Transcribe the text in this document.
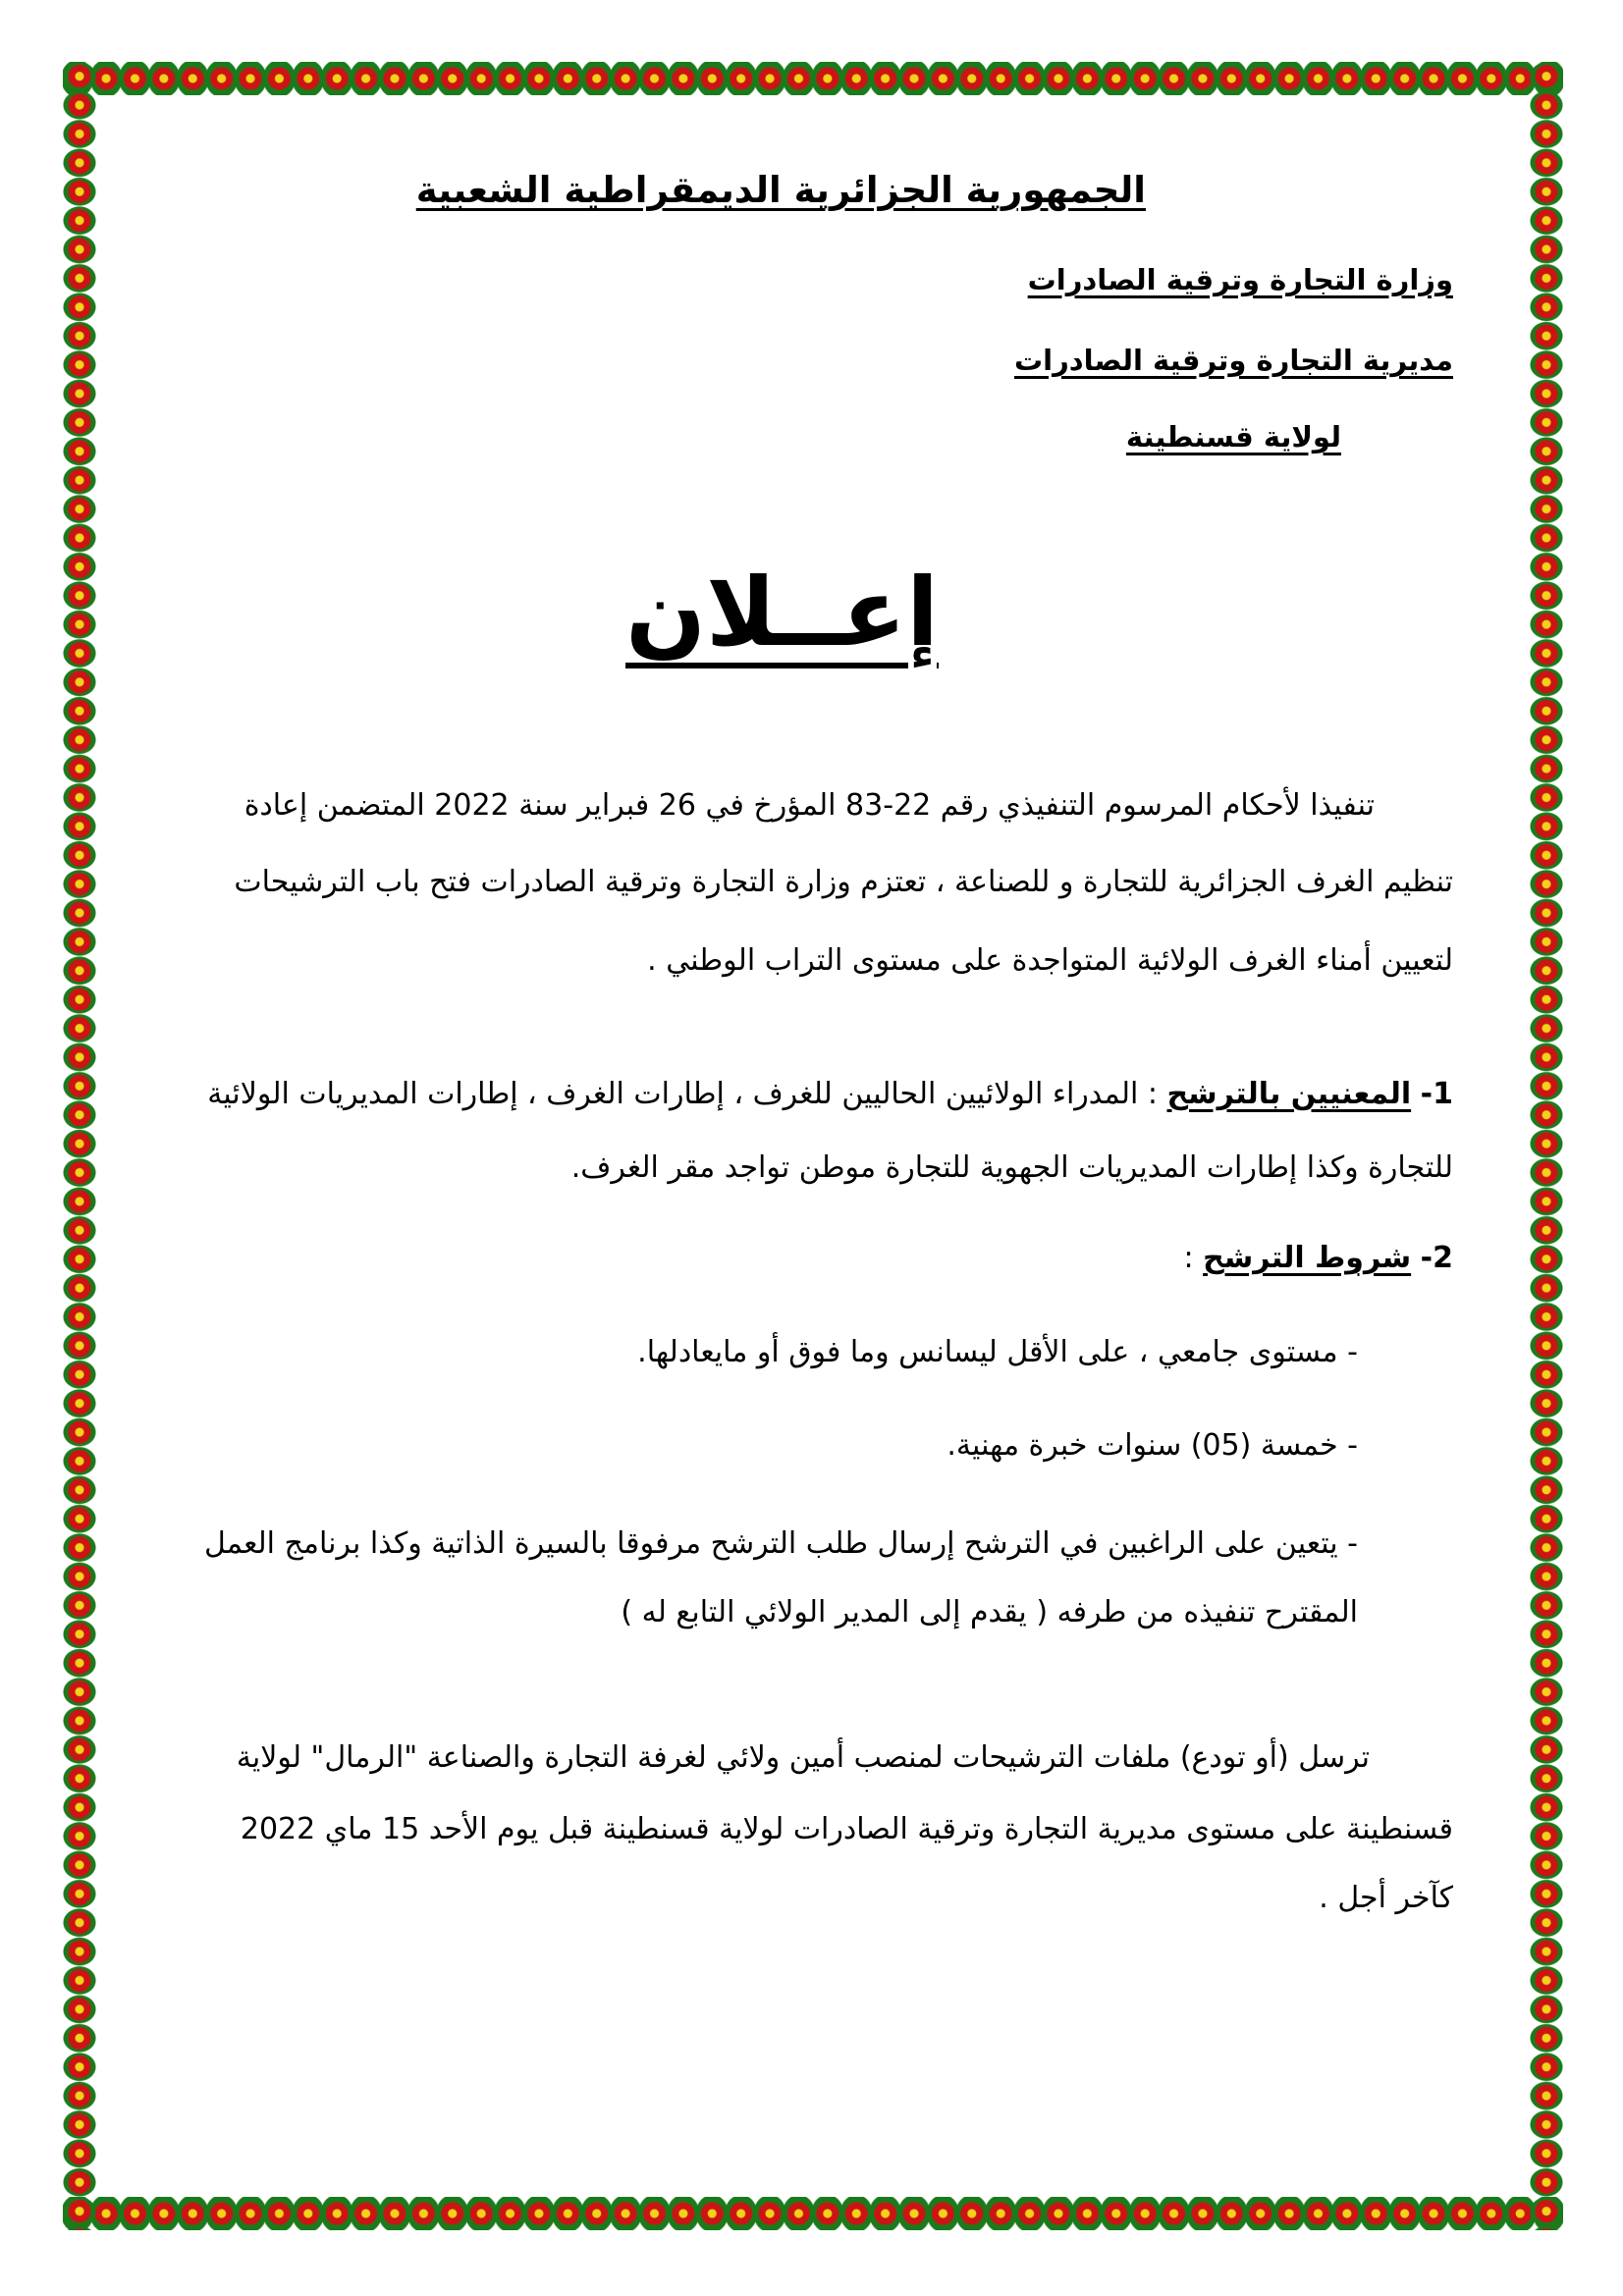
الجمهورية الجزائرية الديمقراطية الشعبية
وزارة التجارة وترقية الصادرات
مديرية التجارة وترقية الصادرات
لولاية قسنطينة
إعــلان
تنفيذا لأحكام المرسوم التنفيذي رقم 22-83 المؤرخ في 26 فبراير سنة 2022 المتضمن إعادة
تنظيم الغرف الجزائرية للتجارة و للصناعة ، تعتزم وزارة التجارة وترقية الصادرات فتح باب الترشيحات
لتعيين أمناء الغرف الولائية المتواجدة على مستوى التراب الوطني .
1- المعنيين بالترشح : المدراء الولائيين الحاليين للغرف ، إطارات الغرف ، إطارات المديريات الولائية
للتجارة وكذا إطارات المديريات الجهوية للتجارة موطن تواجد مقر الغرف.
2- شروط الترشح :
- مستوى جامعي ، على الأقل ليسانس وما فوق أو مايعادلها.
- خمسة (05) سنوات خبرة مهنية.
- يتعين على الراغبين في الترشح إرسال طلب الترشح مرفوقا بالسيرة الذاتية وكذا برنامج العمل
المقترح تنفيذه من طرفه ( يقدم إلى المدير الولائي التابع له )
ترسل (أو تودع) ملفات الترشيحات لمنصب أمين ولائي لغرفة التجارة والصناعة "الرمال" لولاية
قسنطينة على مستوى مديرية التجارة وترقية الصادرات لولاية قسنطينة قبل يوم الأحد 15 ماي 2022
كآخر أجل .
